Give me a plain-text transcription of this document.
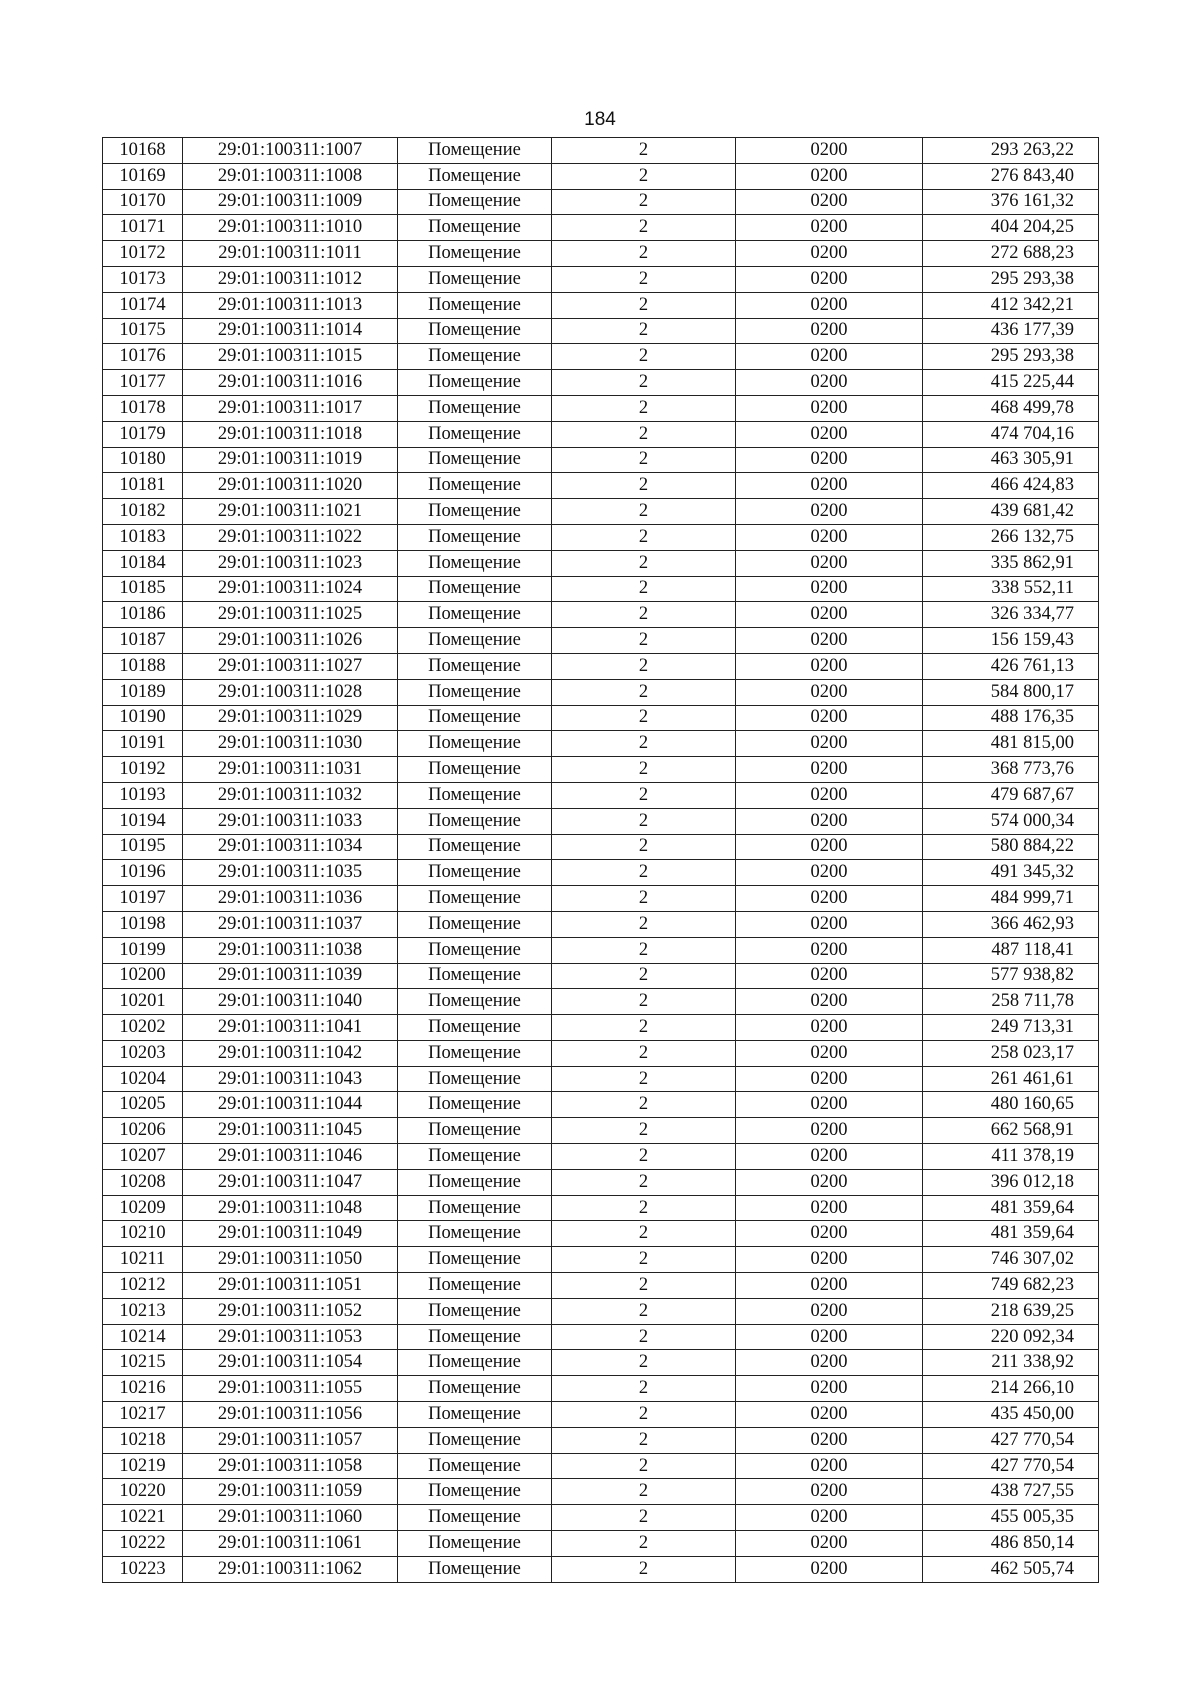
184
10168	29:01:100311:1007	Помещение	2	0200	293 263,22
10169	29:01:100311:1008	Помещение	2	0200	276 843,40
10170	29:01:100311:1009	Помещение	2	0200	376 161,32
10171	29:01:100311:1010	Помещение	2	0200	404 204,25
10172	29:01:100311:1011	Помещение	2	0200	272 688,23
10173	29:01:100311:1012	Помещение	2	0200	295 293,38
10174	29:01:100311:1013	Помещение	2	0200	412 342,21
10175	29:01:100311:1014	Помещение	2	0200	436 177,39
10176	29:01:100311:1015	Помещение	2	0200	295 293,38
10177	29:01:100311:1016	Помещение	2	0200	415 225,44
10178	29:01:100311:1017	Помещение	2	0200	468 499,78
10179	29:01:100311:1018	Помещение	2	0200	474 704,16
10180	29:01:100311:1019	Помещение	2	0200	463 305,91
10181	29:01:100311:1020	Помещение	2	0200	466 424,83
10182	29:01:100311:1021	Помещение	2	0200	439 681,42
10183	29:01:100311:1022	Помещение	2	0200	266 132,75
10184	29:01:100311:1023	Помещение	2	0200	335 862,91
10185	29:01:100311:1024	Помещение	2	0200	338 552,11
10186	29:01:100311:1025	Помещение	2	0200	326 334,77
10187	29:01:100311:1026	Помещение	2	0200	156 159,43
10188	29:01:100311:1027	Помещение	2	0200	426 761,13
10189	29:01:100311:1028	Помещение	2	0200	584 800,17
10190	29:01:100311:1029	Помещение	2	0200	488 176,35
10191	29:01:100311:1030	Помещение	2	0200	481 815,00
10192	29:01:100311:1031	Помещение	2	0200	368 773,76
10193	29:01:100311:1032	Помещение	2	0200	479 687,67
10194	29:01:100311:1033	Помещение	2	0200	574 000,34
10195	29:01:100311:1034	Помещение	2	0200	580 884,22
10196	29:01:100311:1035	Помещение	2	0200	491 345,32
10197	29:01:100311:1036	Помещение	2	0200	484 999,71
10198	29:01:100311:1037	Помещение	2	0200	366 462,93
10199	29:01:100311:1038	Помещение	2	0200	487 118,41
10200	29:01:100311:1039	Помещение	2	0200	577 938,82
10201	29:01:100311:1040	Помещение	2	0200	258 711,78
10202	29:01:100311:1041	Помещение	2	0200	249 713,31
10203	29:01:100311:1042	Помещение	2	0200	258 023,17
10204	29:01:100311:1043	Помещение	2	0200	261 461,61
10205	29:01:100311:1044	Помещение	2	0200	480 160,65
10206	29:01:100311:1045	Помещение	2	0200	662 568,91
10207	29:01:100311:1046	Помещение	2	0200	411 378,19
10208	29:01:100311:1047	Помещение	2	0200	396 012,18
10209	29:01:100311:1048	Помещение	2	0200	481 359,64
10210	29:01:100311:1049	Помещение	2	0200	481 359,64
10211	29:01:100311:1050	Помещение	2	0200	746 307,02
10212	29:01:100311:1051	Помещение	2	0200	749 682,23
10213	29:01:100311:1052	Помещение	2	0200	218 639,25
10214	29:01:100311:1053	Помещение	2	0200	220 092,34
10215	29:01:100311:1054	Помещение	2	0200	211 338,92
10216	29:01:100311:1055	Помещение	2	0200	214 266,10
10217	29:01:100311:1056	Помещение	2	0200	435 450,00
10218	29:01:100311:1057	Помещение	2	0200	427 770,54
10219	29:01:100311:1058	Помещение	2	0200	427 770,54
10220	29:01:100311:1059	Помещение	2	0200	438 727,55
10221	29:01:100311:1060	Помещение	2	0200	455 005,35
10222	29:01:100311:1061	Помещение	2	0200	486 850,14
10223	29:01:100311:1062	Помещение	2	0200	462 505,74
